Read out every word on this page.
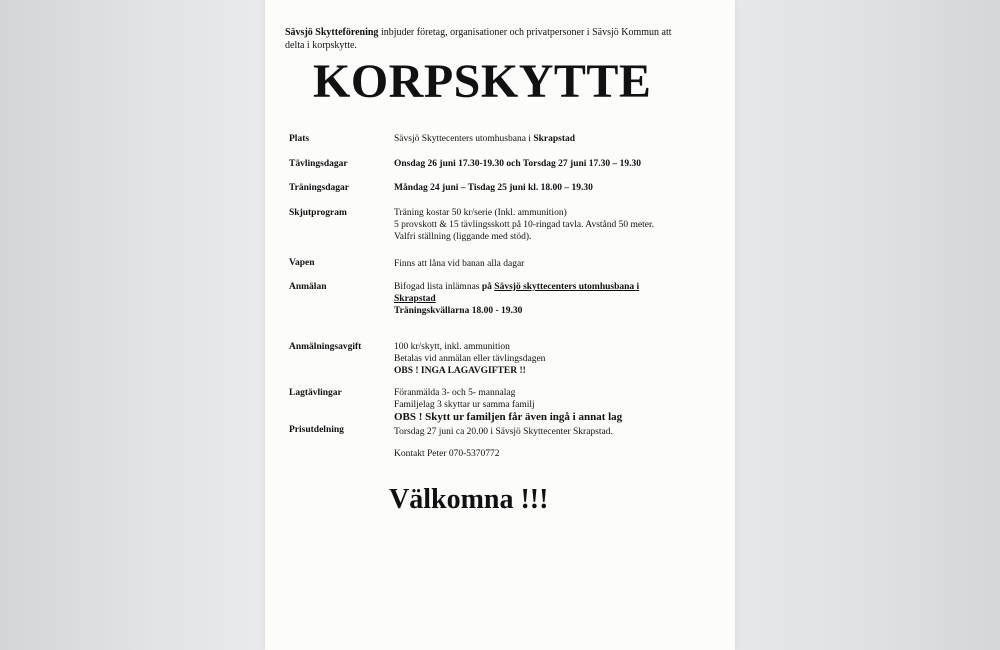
Sävsjö Skytteförening inbjuder företag, organisationer och privatpersoner i Sävsjö Kommun att
delta i korpskytte.
KORPSKYTTE
Plats	Sävsjö Skyttecenters utomhusbana i Skrapstad
Tävlingsdagar	Onsdag 26 juni 17.30-19.30 och Torsdag 27 juni 17.30 – 19.30
Träningsdagar	Måndag 24 juni – Tisdag 25 juni kl. 18.00 – 19.30
Skjutprogram	Träning kostar 50 kr/serie (Inkl. ammunition)
5 provskott & 15 tävlingsskott på 10-ringad tavla. Avstånd 50 meter.
Valfri ställning (liggande med stöd).
Vapen	Finns att låna vid banan alla dagar
Anmälan	Bifogad lista inlämnas på Sävsjö skyttecenters utomhusbana i
Skrapstad
Träningskvällarna 18.00 - 19.30
Anmälningsavgift	100 kr/skytt, inkl. ammunition
Betalas vid anmälan eller tävlingsdagen
OBS ! INGA LAGAVGIFTER !!
Lagtävlingar	Föranmälda 3- och 5- mannalag
Familjelag 3 skyttar ur samma familj
OBS ! Skytt ur familjen får även ingå i annat lag
Prisutdelning	Torsdag 27 juni ca 20.00 i Sävsjö Skyttecenter Skrapstad.
Kontakt Peter 070-5370772
Välkomna !!!
